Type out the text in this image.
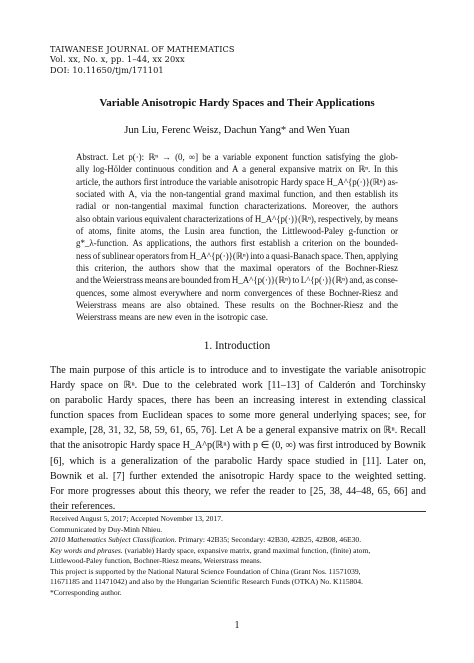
TAIWANESE JOURNAL OF MATHEMATICS
Vol. xx, No. x, pp. 1–44, xx 20xx
DOI: 10.11650/tjm/171101
Variable Anisotropic Hardy Spaces and Their Applications
Jun Liu, Ferenc Weisz, Dachun Yang* and Wen Yuan
Abstract. Let p(·): ℝⁿ → (0, ∞] be a variable exponent function satisfying the glob-
ally log-Hölder continuous condition and A a general expansive matrix on ℝⁿ. In this
article, the authors first introduce the variable anisotropic Hardy space H_A^{p(·)}(ℝⁿ) as-
sociated with A, via the non-tangential grand maximal function, and then establish its
radial or non-tangential maximal function characterizations. Moreover, the authors
also obtain various equivalent characterizations of H_A^{p(·)}(ℝⁿ), respectively, by means
of atoms, finite atoms, the Lusin area function, the Littlewood-Paley g-function or
g*_λ-function. As applications, the authors first establish a criterion on the bounded-
ness of sublinear operators from H_A^{p(·)}(ℝⁿ) into a quasi-Banach space. Then, applying
this criterion, the authors show that the maximal operators of the Bochner-Riesz
and the Weierstrass means are bounded from H_A^{p(·)}(ℝⁿ) to L^{p(·)}(ℝⁿ) and, as conse-
quences, some almost everywhere and norm convergences of these Bochner-Riesz and
Weierstrass means are also obtained. These results on the Bochner-Riesz and the
Weierstrass means are new even in the isotropic case.
1. Introduction
The main purpose of this article is to introduce and to investigate the variable anisotropic
Hardy space on ℝⁿ. Due to the celebrated work [11–13] of Calderón and Torchinsky
on parabolic Hardy spaces, there has been an increasing interest in extending classical
function spaces from Euclidean spaces to some more general underlying spaces; see, for
example, [28, 31, 32, 58, 59, 61, 65, 76]. Let A be a general expansive matrix on ℝⁿ. Recall
that the anisotropic Hardy space H_A^p(ℝⁿ) with p ∈ (0, ∞) was first introduced by Bownik
[6], which is a generalization of the parabolic Hardy space studied in [11]. Later on,
Bownik et al. [7] further extended the anisotropic Hardy space to the weighted setting.
For more progresses about this theory, we refer the reader to [25, 38, 44–48, 65, 66] and
their references.
Received August 5, 2017; Accepted November 13, 2017.
Communicated by Duy-Minh Nhieu.
2010 Mathematics Subject Classification. Primary: 42B35; Secondary: 42B30, 42B25, 42B08, 46E30.
Key words and phrases. (variable) Hardy space, expansive matrix, grand maximal function, (finite) atom,
Littlewood-Paley function, Bochner-Riesz means, Weierstrass means.
This project is supported by the National Natural Science Foundation of China (Grant Nos. 11571039,
11671185 and 11471042) and also by the Hungarian Scientific Research Funds (OTKA) No. K115804.
*Corresponding author.
1
